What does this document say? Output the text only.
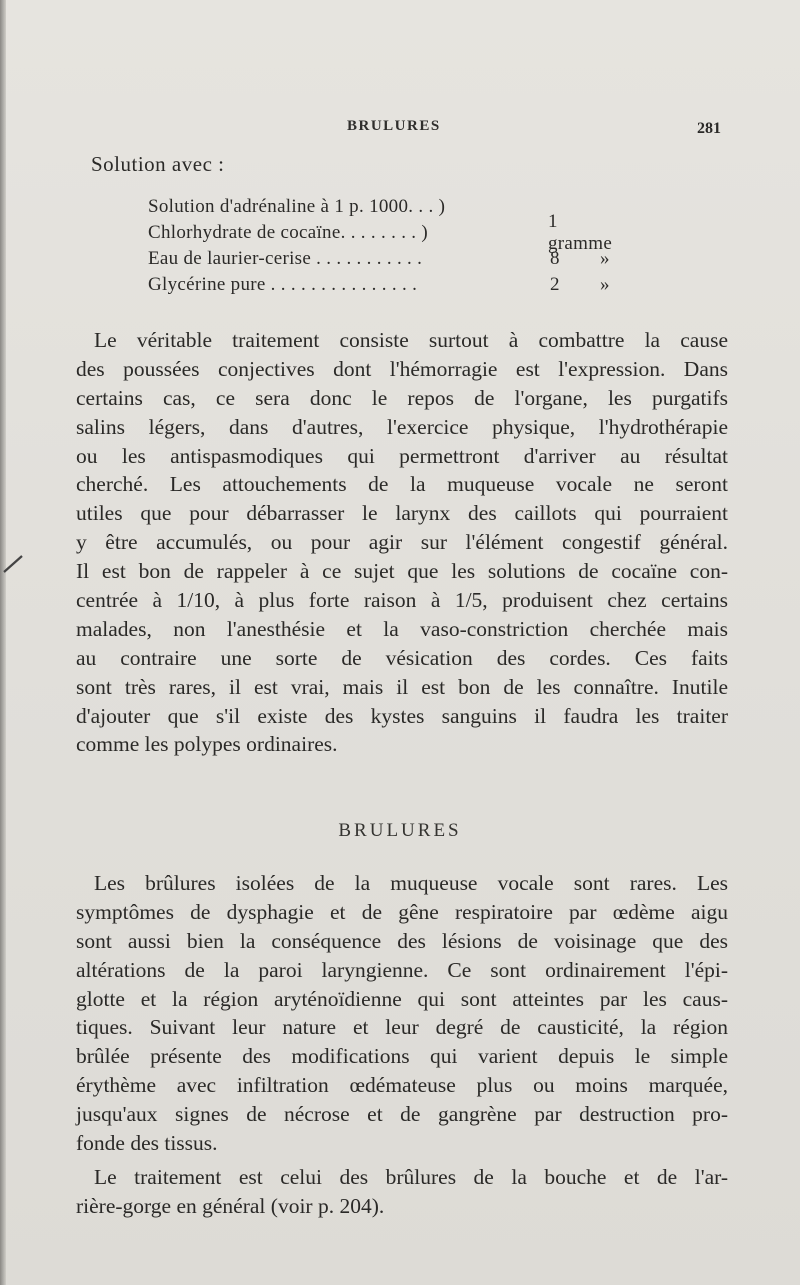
BRULURES	281
Solution avec :
Solution d'adrénaline à 1 p. 1000. . . )
Chlorhydrate de cocaïne. . . . . . . . )
Eau de laurier-cerise . . . . . . . . . . .
Glycérine pure . . . . . . . . . . . . . . .
1 gramme
8 »
2 »
Le véritable traitement consiste surtout à combattre la cause
des poussées conjectives dont l'hémorragie est l'expression. Dans
certains cas, ce sera donc le repos de l'organe, les purgatifs
salins légers, dans d'autres, l'exercice physique, l'hydrothérapie
ou les antispasmodiques qui permettront d'arriver au résultat
cherché. Les attouchements de la muqueuse vocale ne seront
utiles que pour débarrasser le larynx des caillots qui pourraient
y être accumulés, ou pour agir sur l'élément congestif général.
Il est bon de rappeler à ce sujet que les solutions de cocaïne con-
centrée à 1/10, à plus forte raison à 1/5, produisent chez certains
malades, non l'anesthésie et la vaso-constriction cherchée mais
au contraire une sorte de vésication des cordes. Ces faits
sont très rares, il est vrai, mais il est bon de les connaître. Inutile
d'ajouter que s'il existe des kystes sanguins il faudra les traiter
comme les polypes ordinaires.
BRULURES
Les brûlures isolées de la muqueuse vocale sont rares. Les
symptômes de dysphagie et de gêne respiratoire par œdème aigu
sont aussi bien la conséquence des lésions de voisinage que des
altérations de la paroi laryngienne. Ce sont ordinairement l'épi-
glotte et la région aryténoïdienne qui sont atteintes par les caus-
tiques. Suivant leur nature et leur degré de causticité, la région
brûlée présente des modifications qui varient depuis le simple
érythème avec infiltration œdémateuse plus ou moins marquée,
jusqu'aux signes de nécrose et de gangrène par destruction pro-
fonde des tissus.
Le traitement est celui des brûlures de la bouche et de l'ar-
rière-gorge en général (voir p. 204).
